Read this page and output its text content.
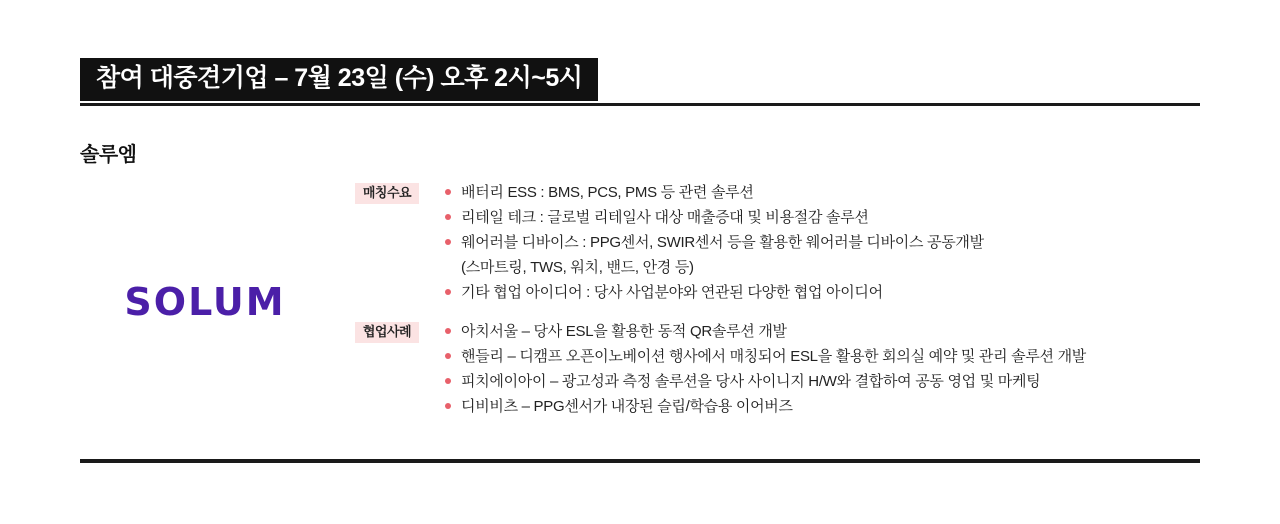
참여 대중견기업 – 7월 23일 (수) 오후 2시~5시
솔루엠
SOLUM
매칭수요	배터리 ESS : BMS, PCS, PMS 등 관련 솔루션
리테일 테크 : 글로벌 리테일사 대상 매출증대 및 비용절감 솔루션
웨어러블 디바이스 : PPG센서, SWIR센서 등을 활용한 웨어러블 디바이스 공동개발
(스마트링, TWS, 워치, 밴드, 안경 등)
기타 협업 아이디어 : 당사 사업분야와 연관된 다양한 협업 아이디어
협업사례	아치서울 – 당사 ESL을 활용한 동적 QR솔루션 개발
핸들리 – 디캠프 오픈이노베이션 행사에서 매칭되어 ESL을 활용한 회의실 예약 및 관리 솔루션 개발
피치에이아이 – 광고성과 측정 솔루션을 당사 사이니지 H/W와 결합하여 공동 영업 및 마케팅
디비비츠 – PPG센서가 내장된 슬립/학습용 이어버즈
